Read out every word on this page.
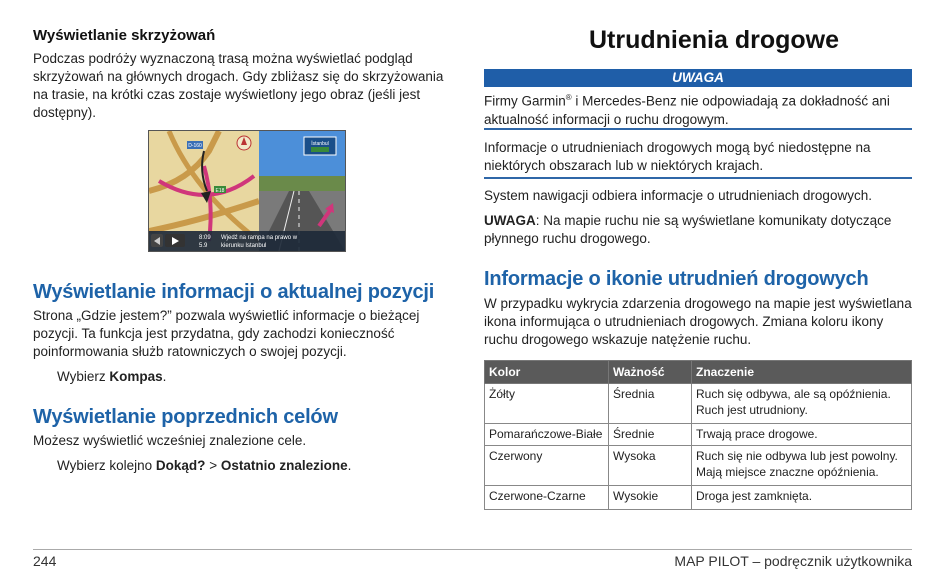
Wyświetlanie skrzyżowań
Podczas podróży wyznaczoną trasą można wyświetlać podgląd skrzyżowań na głównych drogach. Gdy zbliżasz się do skrzyżowania na trasie, na krótki czas zostaje wyświetlony jego obraz (jeśli jest dostępny).
D-160
E18
İstanbul
8:09
5.9
Wjedź na rampa na prawo w
kierunku Istanbul
Wyświetlanie informacji o aktualnej pozycji
Strona „Gdzie jestem?” pozwala wyświetlić informacje o bieżącej pozycji. Ta funkcja jest przydatna, gdy zachodzi konieczność poinformowania służb ratowniczych o swojej pozycji.
Wybierz Kompas.
Wyświetlanie poprzednich celów
Możesz wyświetlić wcześniej znalezione cele.
Wybierz kolejno Dokąd? > Ostatnio znalezione.
Utrudnienia drogowe
UWAGA
Firmy Garmin® i Mercedes-Benz nie odpowiadają za dokładność ani aktualność informacji o ruchu drogowym.
Informacje o utrudnieniach drogowych mogą być niedostępne na niektórych obszarach lub w niektórych krajach.
System nawigacji odbiera informacje o utrudnieniach drogowych.
UWAGA: Na mapie ruchu nie są wyświetlane komunikaty dotyczące płynnego ruchu drogowego.
Informacje o ikonie utrudnień drogowych
W przypadku wykrycia zdarzenia drogowego na mapie jest wyświetlana ikona informująca o utrudnieniach drogowych. Zmiana koloru ikony ruchu drogowego wskazuje natężenie ruchu.
Kolor	Ważność	Znaczenie
Żółty	Średnia	Ruch się odbywa, ale są opóźnienia. Ruch jest utrudniony.
Pomarańczowe-Białe	Średnie	Trwają prace drogowe.
Czerwony	Wysoka	Ruch się nie odbywa lub jest powolny. Mają miejsce znaczne opóźnienia.
Czerwone-Czarne	Wysokie	Droga jest zamknięta.
244	MAP PILOT – podręcznik użytkownika
